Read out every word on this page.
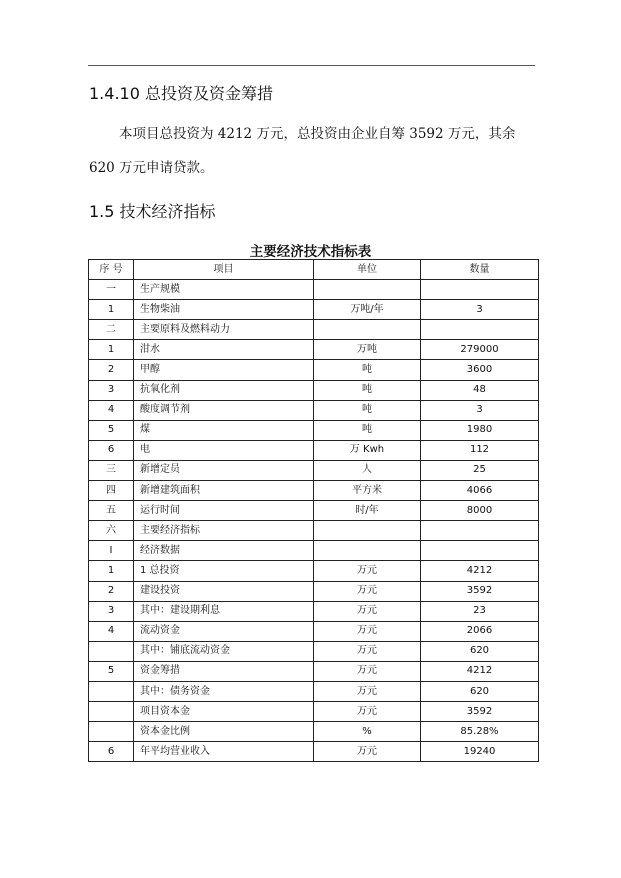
1.4.10 总投资及资金筹措
本项目总投资为 4212 万元，总投资由企业自筹 3592 万元，其余
620 万元申请贷款。
1.5 技术经济指标
主要经济技术指标表
序 号	项目	单位	数量
一	生产规模		
1	生物柴油	万吨/年	3
二	主要原料及燃料动力		
1	泔水	万吨	279000
2	甲醇	吨	3600
3	抗氧化剂	吨	48
4	酸度调节剂	吨	3
5	煤	吨	1980
6	电	万 Kwh	112
三	新增定员	人	25
四	新增建筑面积	平方米	4066
五	运行时间	时/年	8000
六	主要经济指标		
I	经济数据		
1	1 总投资	万元	4212
2	建设投资	万元	3592
3	其中：建设期利息	万元	23
4	流动资金	万元	2066
	其中：铺底流动资金	万元	620
5	资金筹措	万元	4212
	其中：债务资金	万元	620
	项目资本金	万元	3592
	资本金比例	%	85.28%
6	年平均营业收入	万元	19240
